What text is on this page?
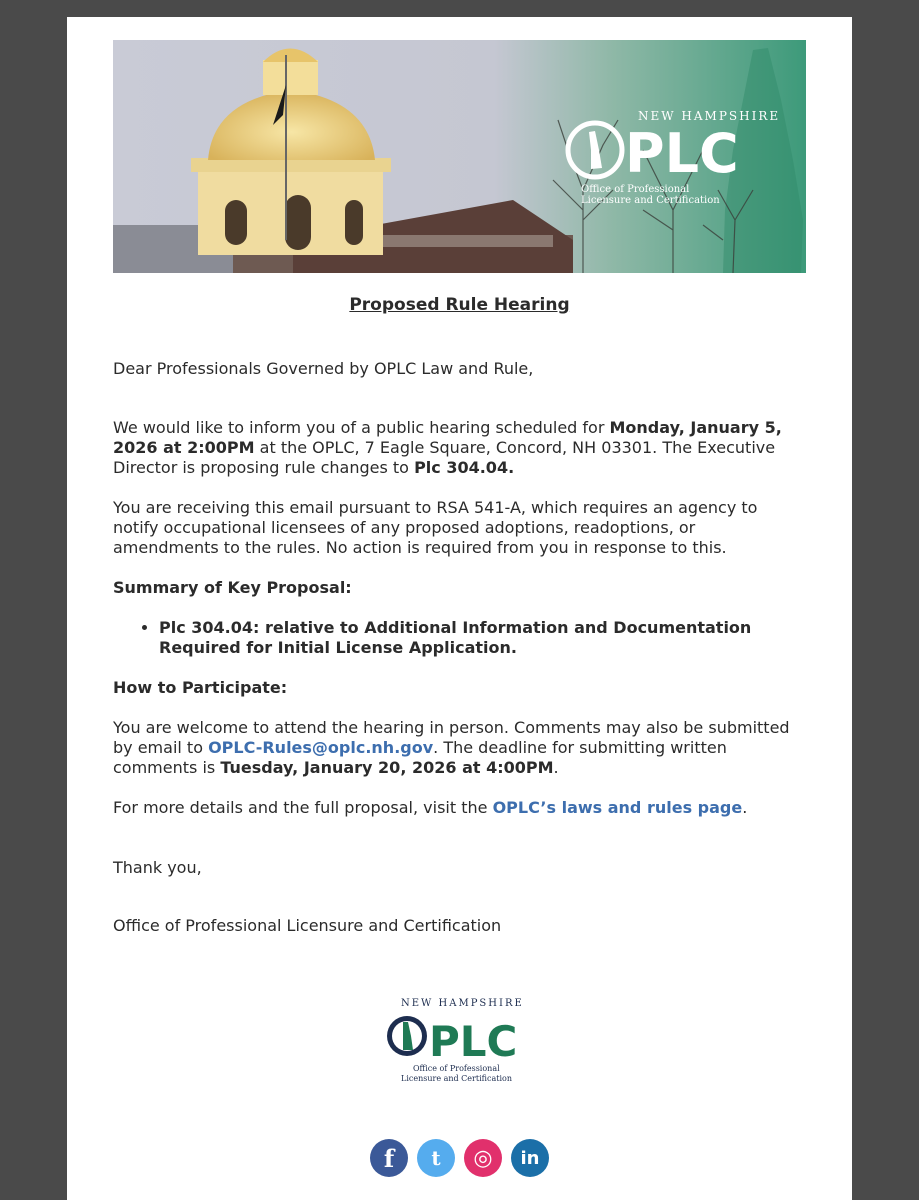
NEW HAMPSHIRE
PLC
Office of Professional
Licensure and Certification
Proposed Rule Hearing

Dear Professionals Governed by OPLC Law and Rule,

We would like to inform you of a public hearing scheduled for Monday, January 5, 2026 at 2:00PM at the OPLC, 7 Eagle Square, Concord, NH 03301. The Executive Director is proposing rule changes to Plc 304.04.

You are receiving this email pursuant to RSA 541-A, which requires an agency to notify occupational licensees of any proposed adoptions, readoptions, or amendments to the rules. No action is required from you in response to this.

Summary of Key Proposal:

• Plc 304.04: relative to Additional Information and Documentation Required for Initial License Application.

How to Participate:

You are welcome to attend the hearing in person. Comments may also be submitted by email to OPLC-Rules@oplc.nh.gov. The deadline for submitting written comments is Tuesday, January 20, 2026 at 4:00PM.

For more details and the full proposal, visit the OPLC’s laws and rules page.

Thank you,

Office of Professional Licensure and Certification

NEW HAMPSHIRE
PLC
Office of Professional
Licensure and Certification
f	t	◎	in
